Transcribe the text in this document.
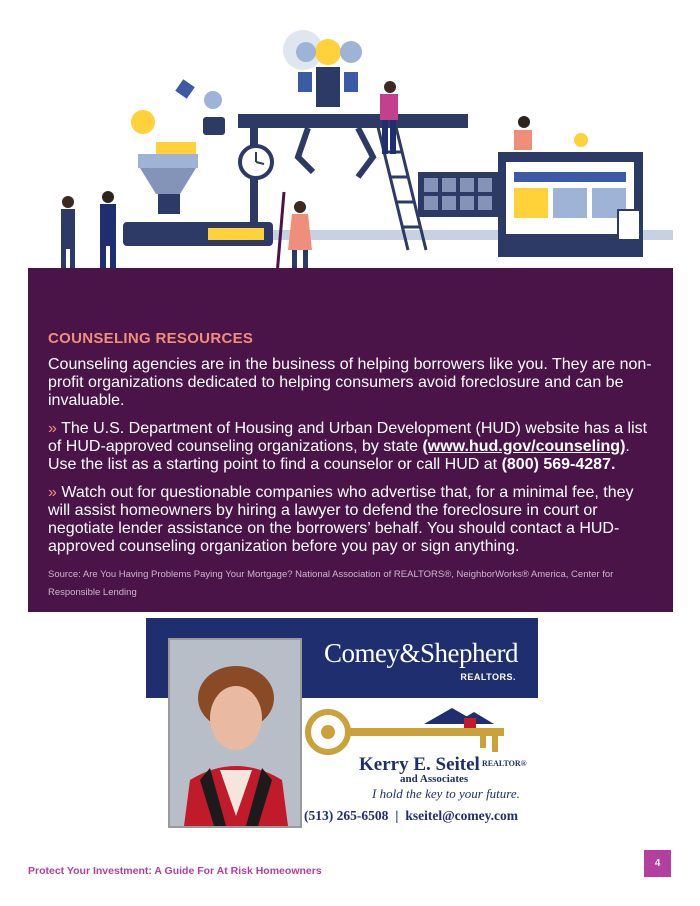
COUNSELING RESOURCES

Counseling agencies are in the business of helping borrowers like you. They are non-profit organizations dedicated to helping consumers avoid foreclosure and can be invaluable.

» The U.S. Department of Housing and Urban Development (HUD) website has a list of HUD-approved counseling organizations, by state (www.hud.gov/counseling). Use the list as a starting point to find a counselor or call HUD at (800) 569-4287.

» Watch out for questionable companies who advertise that, for a minimal fee, they will assist homeowners by hiring a lawyer to defend the foreclosure in court or negotiate lender assistance on the borrowers’ behalf. You should contact a HUD-approved counseling organization before you pay or sign anything.

Source: Are You Having Problems Paying Your Mortgage? National Association of REALTORS®, NeighborWorks® America, Center for Responsible Lending
Comey&Shepherd
REALTORS.
Kerry E. Seitel REALTOR®
and Associates
I hold the key to your future.
(513) 265-6508 | kseitel@comey.com
Protect Your Investment: A Guide For At Risk Homeowners
4
